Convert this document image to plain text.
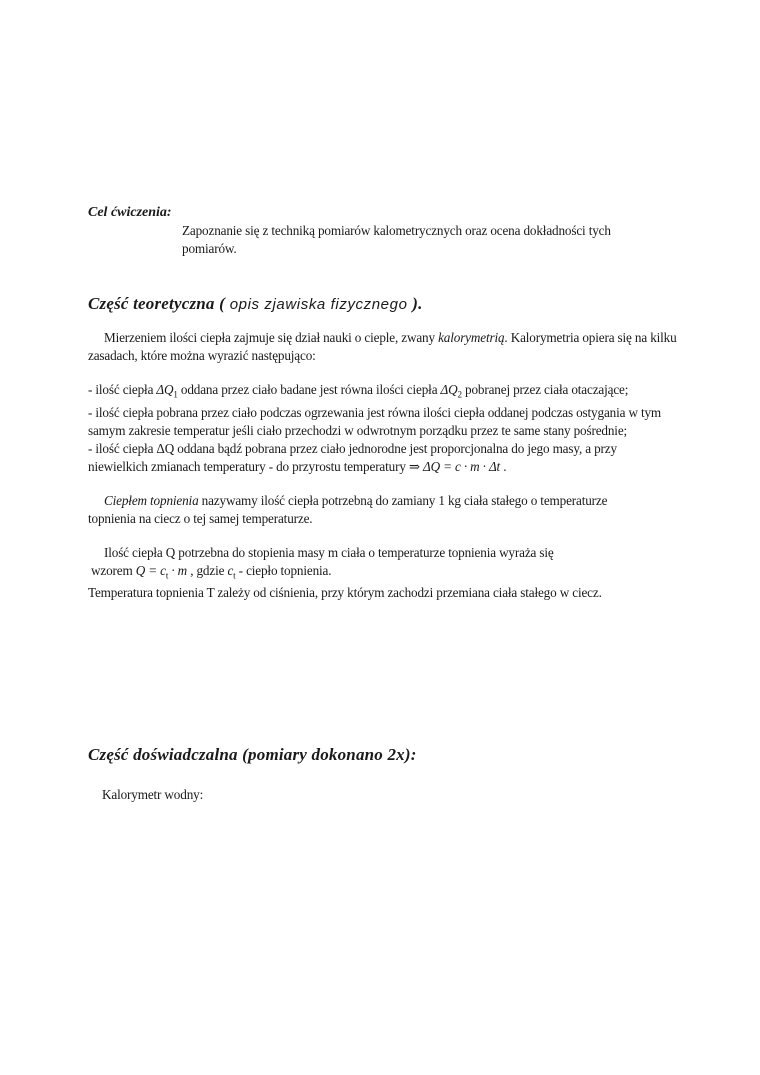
Cel ćwiczenia:
Zapoznanie się z techniką pomiarów kalometrycznych oraz ocena dokładności tych pomiarów.
Część teoretyczna ( opis zjawiska fizycznego ).
Mierzeniem ilości ciepła zajmuje się dział nauki o cieple, zwany kalorymetrią. Kalorymetria opiera się na kilku zasadach, które można wyrazić następująco:
- ilość ciepła $\Delta Q_1$ oddana przez ciało badane jest równa ilości ciepła $\Delta Q_2$ pobranej przez ciała otaczające;
- ilość ciepła pobrana przez ciało podczas ogrzewania jest równa ilości ciepła oddanej podczas ostygania w tym samym zakresie temperatur jeśli ciało przechodzi w odwrotnym porządku przez te same stany pośrednie;
- ilość ciepła ΔQ oddana bądź pobrana przez ciało jednorodne jest proporcjonalna do jego masy, a przy niewielkich zmianach temperatury - do przyrostu temperatury ⇒ ΔQ = c · m · Δt .
Ciepłem topnienia nazywamy ilość ciepła potrzebną do zamiany 1 kg ciała stałego o temperaturze topnienia na ciecz o tej samej temperaturze.
Ilość ciepła Q potrzebna do stopienia masy m ciała o temperaturze topnienia wyraża się
wzorem $Q = c_t \cdot m$ , gdzie $c_t$ - ciepło topnienia.
Temperatura topnienia T zależy od ciśnienia, przy którym zachodzi przemiana ciała stałego w ciecz.
Część doświadczalna (pomiary dokonano 2x):
Kalorymetr wodny:
